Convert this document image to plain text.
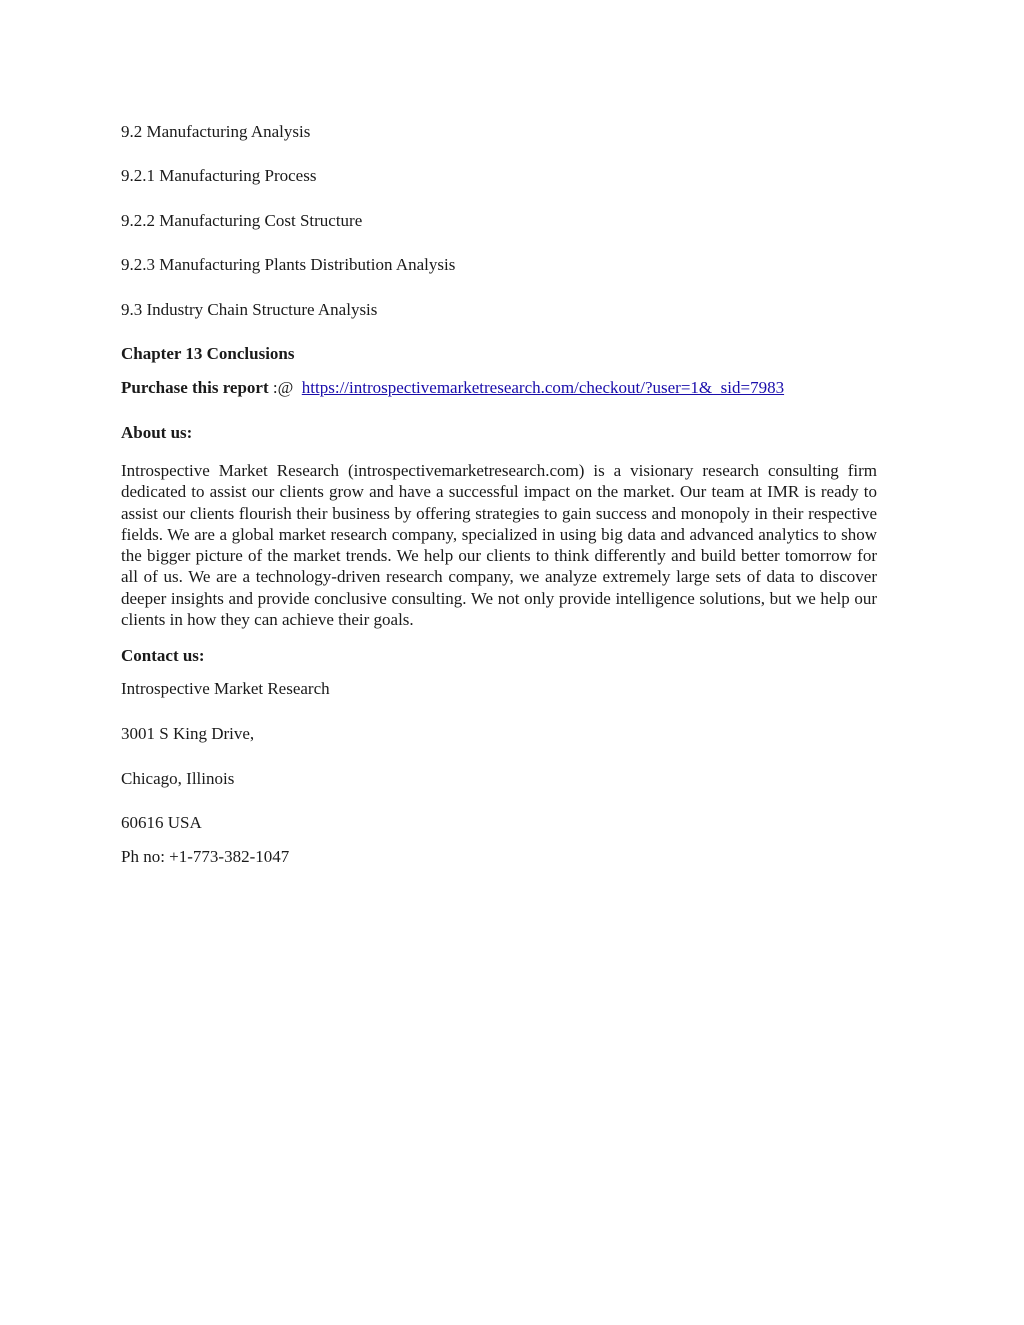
9.2 Manufacturing Analysis
9.2.1 Manufacturing Process
9.2.2 Manufacturing Cost Structure
9.2.3 Manufacturing Plants Distribution Analysis
9.3 Industry Chain Structure Analysis
Chapter 13 Conclusions
Purchase this report :@  https://introspectivemarketresearch.com/checkout/?user=1&_sid=7983
About us:
Introspective Market Research (introspectivemarketresearch.com) is a visionary research consulting firm dedicated to assist our clients grow and have a successful impact on the market. Our team at IMR is ready to assist our clients flourish their business by offering strategies to gain success and monopoly in their respective fields. We are a global market research company, specialized in using big data and advanced analytics to show the bigger picture of the market trends. We help our clients to think differently and build better tomorrow for all of us. We are a technology-driven research company, we analyze extremely large sets of data to discover deeper insights and provide conclusive consulting. We not only provide intelligence solutions, but we help our clients in how they can achieve their goals.
Contact us:
Introspective Market Research
3001 S King Drive,
Chicago, Illinois
60616 USA
Ph no: +1-773-382-1047
